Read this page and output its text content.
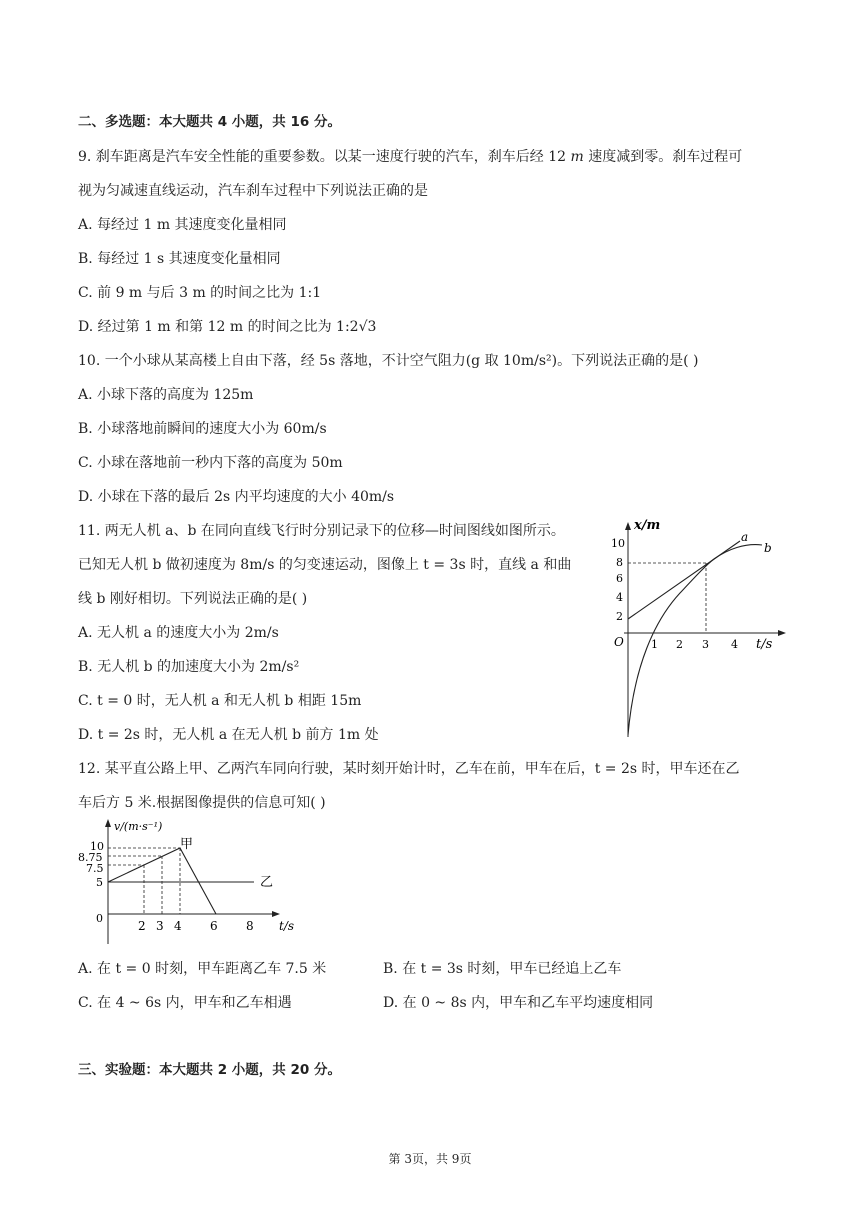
二、多选题：本大题共 4 小题，共 16 分。
9. 刹车距离是汽车安全性能的重要参数。以某一速度行驶的汽车，刹车后经 12 m 速度减到零。刹车过程可
视为匀减速直线运动，汽车刹车过程中下列说法正确的是
A. 每经过 1 m 其速度变化量相同
B. 每经过 1 s 其速度变化量相同
C. 前 9 m 与后 3 m 的时间之比为 1:1
D. 经过第 1 m 和第 12 m 的时间之比为 1:2√3
10. 一个小球从某高楼上自由下落，经 5s 落地，不计空气阻力(g 取 10m/s²)。下列说法正确的是( )
A. 小球下落的高度为 125m
B. 小球落地前瞬间的速度大小为 60m/s
C. 小球在落地前一秒内下落的高度为 50m
D. 小球在下落的最后 2s 内平均速度的大小 40m/s
11. 两无人机 a、b 在同向直线飞行时分别记录下的位移—时间图线如图所示。
已知无人机 b 做初速度为 8m/s 的匀变速运动，图像上 t = 3s 时，直线 a 和曲
线 b 刚好相切。下列说法正确的是( )
A. 无人机 a 的速度大小为 2m/s
B. 无人机 b 的加速度大小为 2m/s²
C. t = 0 时，无人机 a 和无人机 b 相距 15m
D. t = 2s 时，无人机 a 在无人机 b 前方 1m 处
x/m
t/s
O
2
4
6
8
10
1 2 3 4
a
b
12. 某平直公路上甲、乙两汽车同向行驶，某时刻开始计时，乙车在前，甲车在后，t = 2s 时，甲车还在乙
车后方 5 米.根据图像提供的信息可知( )
v/(m·s⁻¹)
t/s
10
8.75
7.5
5
0
2 3 4 6 8
乙
甲
A. 在 t = 0 时刻，甲车距离乙车 7.5 米	B. 在 t = 3s 时刻，甲车已经追上乙车
C. 在 4 ~ 6s 内，甲车和乙车相遇	D. 在 0 ~ 8s 内，甲车和乙车平均速度相同
三、实验题：本大题共 2 小题，共 20 分。
第 3页，共 9页
